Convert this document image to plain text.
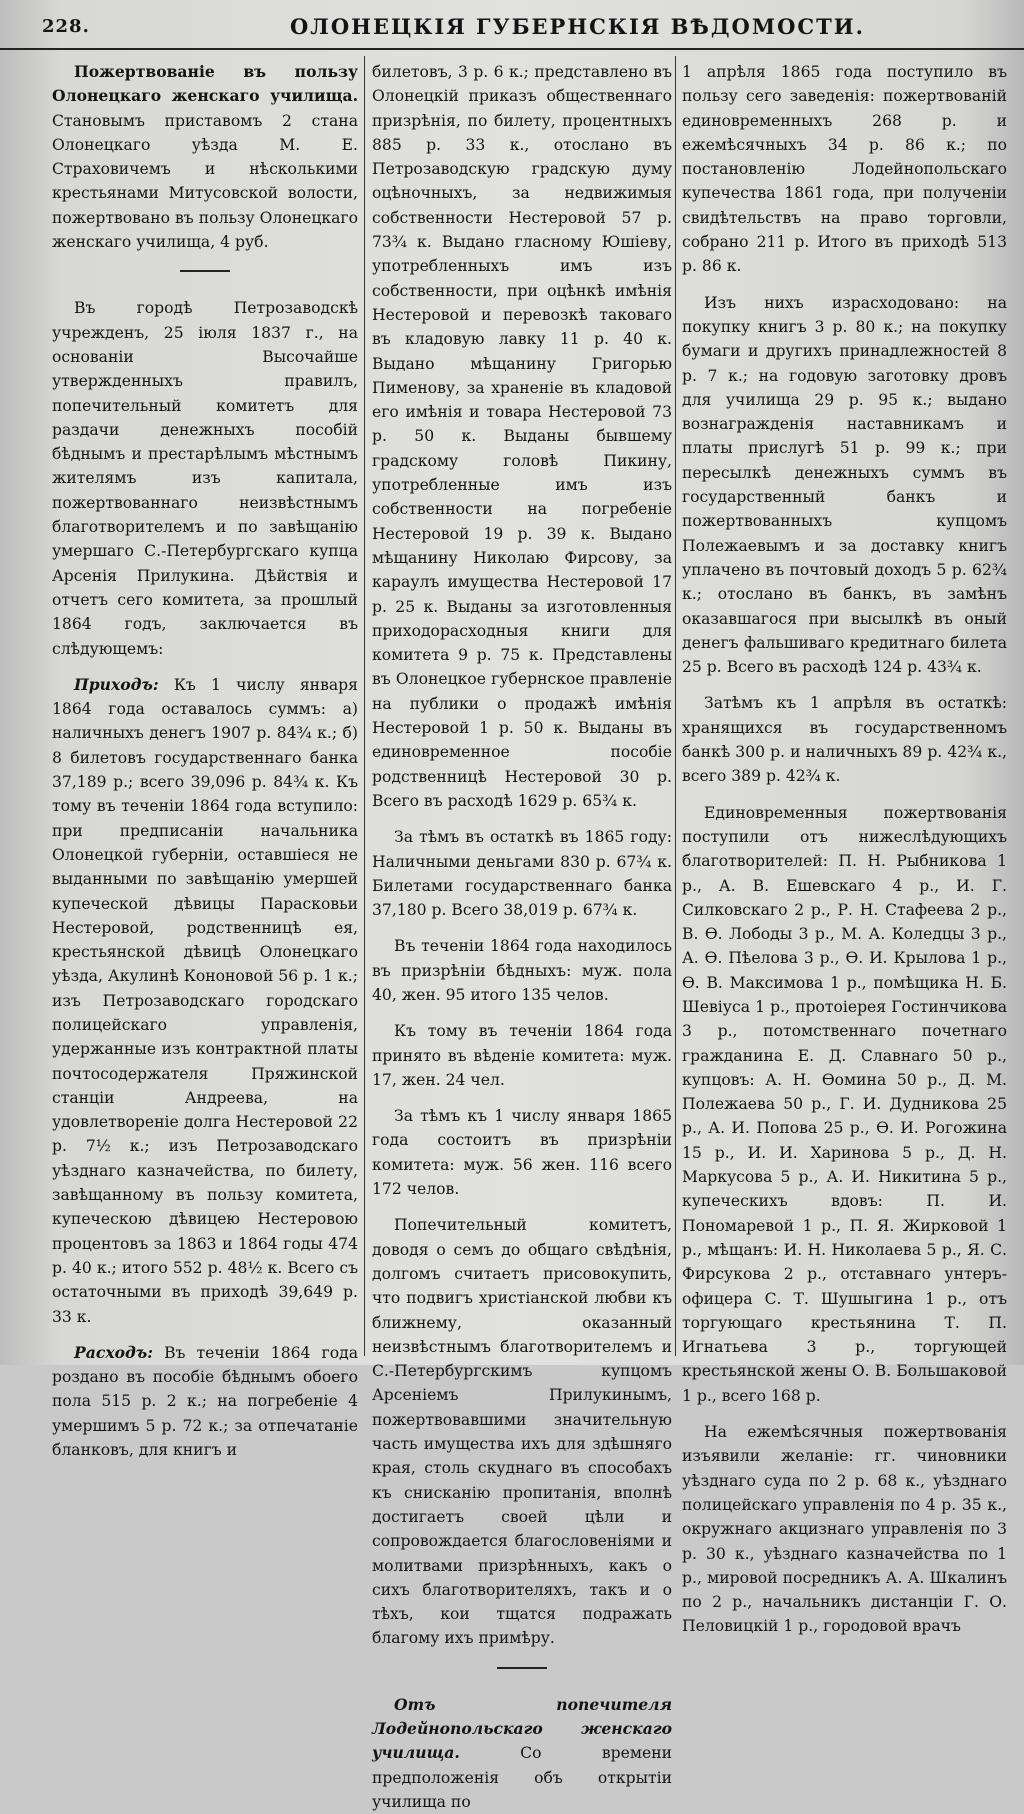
228.	ОЛОНЕЦКІЯ ГУБЕРНСКІЯ ВѢДОМОСТИ.

Пожертвованіе въ пользу Олонецкаго женскаго училища. Становымъ приставомъ 2 стана Олонецкаго уѣзда М. Е. Страховичемъ и нѣсколькими крестьянами Митусовской волости, пожертвовано въ пользу Олонецкаго женскаго училища, 4 руб.

Въ городѣ Петрозаводскѣ учрежденъ, 25 іюля 1837 г., на основаніи Высочайше утвержденныхъ правилъ, попечительный комитетъ для раздачи денежныхъ пособій бѣднымъ и престарѣлымъ мѣстнымъ жителямъ изъ капитала, пожертвованнаго неизвѣстнымъ благотворителемъ и по завѣщанію умершаго С.-Петербургскаго купца Арсенія Прилукина. Дѣйствія и отчетъ сего комитета, за прошлый 1864 годъ, заключается въ слѣдующемъ:

Приходъ: Къ 1 числу января 1864 года оставалось суммъ: а) наличныхъ денегъ 1907 р. 84¾ к.; б) 8 билетовъ государственнаго банка 37,189 р.; всего 39,096 р. 84¾ к. Къ тому въ теченіи 1864 года вступило: при предписаніи начальника Олонецкой губерніи, оставшіеся не выданными по завѣщанію умершей купеческой дѣвицы Парасковьи Нестеровой, родственницѣ ея, крестьянской дѣвицѣ Олонецкаго уѣзда, Акулинѣ Кононовой 56 р. 1 к.; изъ Петрозаводскаго городскаго полицейскаго управленія, удержанные изъ контрактной платы почтосодержателя Пряжинской станціи Андреева, на удовлетвореніе долга Нестеровой 22 р. 7½ к.; изъ Петрозаводскаго уѣзднаго казначейства, по билету, завѣщанному въ пользу комитета, купеческою дѣвицею Нестеровою процентовъ за 1863 и 1864 годы 474 р. 40 к.; итого 552 р. 48½ к. Всего съ остаточными въ приходѣ 39,649 р. 33 к.

Расходъ: Въ теченіи 1864 года роздано въ пособіе бѣднымъ обоего пола 515 р. 2 к.; на погребеніе 4 умершимъ 5 р. 72 к.; за отпечатаніе бланковъ, для книгъ и

билетовъ, 3 р. 6 к.; представлено въ Олонецкій приказъ общественнаго призрѣнія, по билету, процентныхъ 885 р. 33 к., отослано въ Петрозаводскую градскую думу оцѣночныхъ, за недвижимыя собственности Нестеровой 57 р. 73¾ к. Выдано гласному Юшіеву, употребленныхъ имъ изъ собственности, при оцѣнкѣ имѣнія Нестеровой и перевозкѣ таковаго въ кладовую лавку 11 р. 40 к. Выдано мѣщанину Григорью Пименову, за храненіе въ кладовой его имѣнія и товара Нестеровой 73 р. 50 к. Выданы бывшему градскому головѣ Пикину, употребленные имъ изъ собственности на погребеніе Нестеровой 19 р. 39 к. Выдано мѣщанину Николаю Фирсову, за караулъ имущества Нестеровой 17 р. 25 к. Выданы за изготовленныя приходорасходныя книги для комитета 9 р. 75 к. Представлены въ Олонецкое губернское правленіе на публики о продажѣ имѣнія Нестеровой 1 р. 50 к. Выданы въ единовременное пособіе родственницѣ Нестеровой 30 р. Всего въ расходѣ 1629 р. 65¾ к.

За тѣмъ въ остаткѣ въ 1865 году: Наличными деньгами 830 р. 67¾ к. Билетами государственнаго банка 37,180 р. Всего 38,019 р. 67¾ к.

Въ теченіи 1864 года находилось въ призрѣніи бѣдныхъ: муж. пола 40, жен. 95 итого 135 челов.

Къ тому въ теченіи 1864 года принято въ вѣденіе комитета: муж. 17, жен. 24 чел.

За тѣмъ къ 1 числу января 1865 года состоитъ въ призрѣніи комитета: муж. 56 жен. 116 всего 172 челов.

Попечительный комитетъ, доводя о семъ до общаго свѣдѣнія, долгомъ считаетъ присовокупить, что подвигъ христіанской любви къ ближнему, оказанный неизвѣстнымъ благотворителемъ и С.-Петербургскимъ купцомъ Арсеніемъ Прилукинымъ, пожертвовавшими значительную часть имущества ихъ для здѣшняго края, столь скуднаго въ способахъ къ снисканію пропитанія, вполнѣ достигаетъ своей цѣли и сопровождается благословеніями и молитвами призрѣнныхъ, какъ о сихъ благотворителяхъ, такъ и о тѣхъ, кои тщатся подражать благому ихъ примѣру.

Отъ попечителя Лодейнопольскаго женскаго училища.	Со времени предположенія объ открытіи училища по

1 апрѣля 1865 года поступило въ пользу сего заведенія: пожертвованій единовременныхъ 268 р. и ежемѣсячныхъ 34 р. 86 к.; по постановленію Лодейнопольскаго купечества 1861 года, при полученіи свидѣтельствъ на право торговли, собрано 211 р. Итого въ приходѣ 513 р. 86 к.

Изъ нихъ израсходовано: на покупку книгъ 3 р. 80 к.; на покупку бумаги и другихъ принадлежностей 8 р. 7 к.; на годовую заготовку дровъ для училища 29 р. 95 к.; выдано вознагражденія наставникамъ и платы прислугѣ 51 р. 99 к.; при пересылкѣ денежныхъ суммъ въ государственный банкъ и пожертвованныхъ купцомъ Полежаевымъ и за доставку книгъ уплачено въ почтовый доходъ 5 р. 62¾ к.; отослано въ банкъ, въ замѣнъ оказавшагося при высылкѣ въ оный денегъ фальшиваго кредитнаго билета 25 р. Всего въ расходѣ 124 р. 43¾ к.

Затѣмъ къ 1 апрѣля въ остаткѣ: хранящихся въ государственномъ банкѣ 300 р. и наличныхъ 89 р. 42¾ к., всего 389 р. 42¾ к.

Единовременныя пожертвованія поступили отъ нижеслѣдующихъ благотворителей: П. Н. Рыбникова 1 р., А. В. Ешевскаго 4 р., И. Г. Силковскаго 2 р., Р. Н. Стафеева 2 р., В. Ѳ. Лободы 3 р., М. А. Коледцы 3 р., А. Ѳ. Пѣелова 3 р., Ѳ. И. Крылова 1 р., Ѳ. В. Максимова 1 р., помѣщика Н. Б. Шевіуса 1 р., протоіерея Гостинчикова 3 р., потомственнаго почетнаго гражданина Е. Д. Славнаго 50 р., купцовъ: А. Н. Ѳомина 50 р., Д. М. Полежаева 50 р., Г. И. Дудникова 25 р., А. И. Попова 25 р., Ѳ. И. Рогожина 15 р., И. И. Харинова 5 р., Д. Н. Маркусова 5 р., А. И. Никитина 5 р., купеческихъ вдовъ: П. И. Пономаревой 1 р., П. Я. Жирковой 1 р., мѣщанъ: И. Н. Николаева 5 р., Я. С. Фирсукова 2 р., отставнаго унтеръ-офицера С. Т. Шушыгина 1 р., отъ торгующаго крестьянина Т. П. Игнатьева 3 р., торгующей крестьянской жены О. В. Большаковой 1 р., всего 168 р.

На ежемѣсячныя пожертвованія изъявили желаніе: гг. чиновники уѣзднаго суда по 2 р. 68 к., уѣзднаго полицейскаго управленія по 4 р. 35 к., окружнаго акцизнаго управленія по 3 р. 30 к., уѣзднаго казначейства по 1 р., мировой посредникъ А. А. Шкалинъ по 2 р., начальникъ дистанціи Г. О. Пеловицкій 1 р., городовой врачъ
